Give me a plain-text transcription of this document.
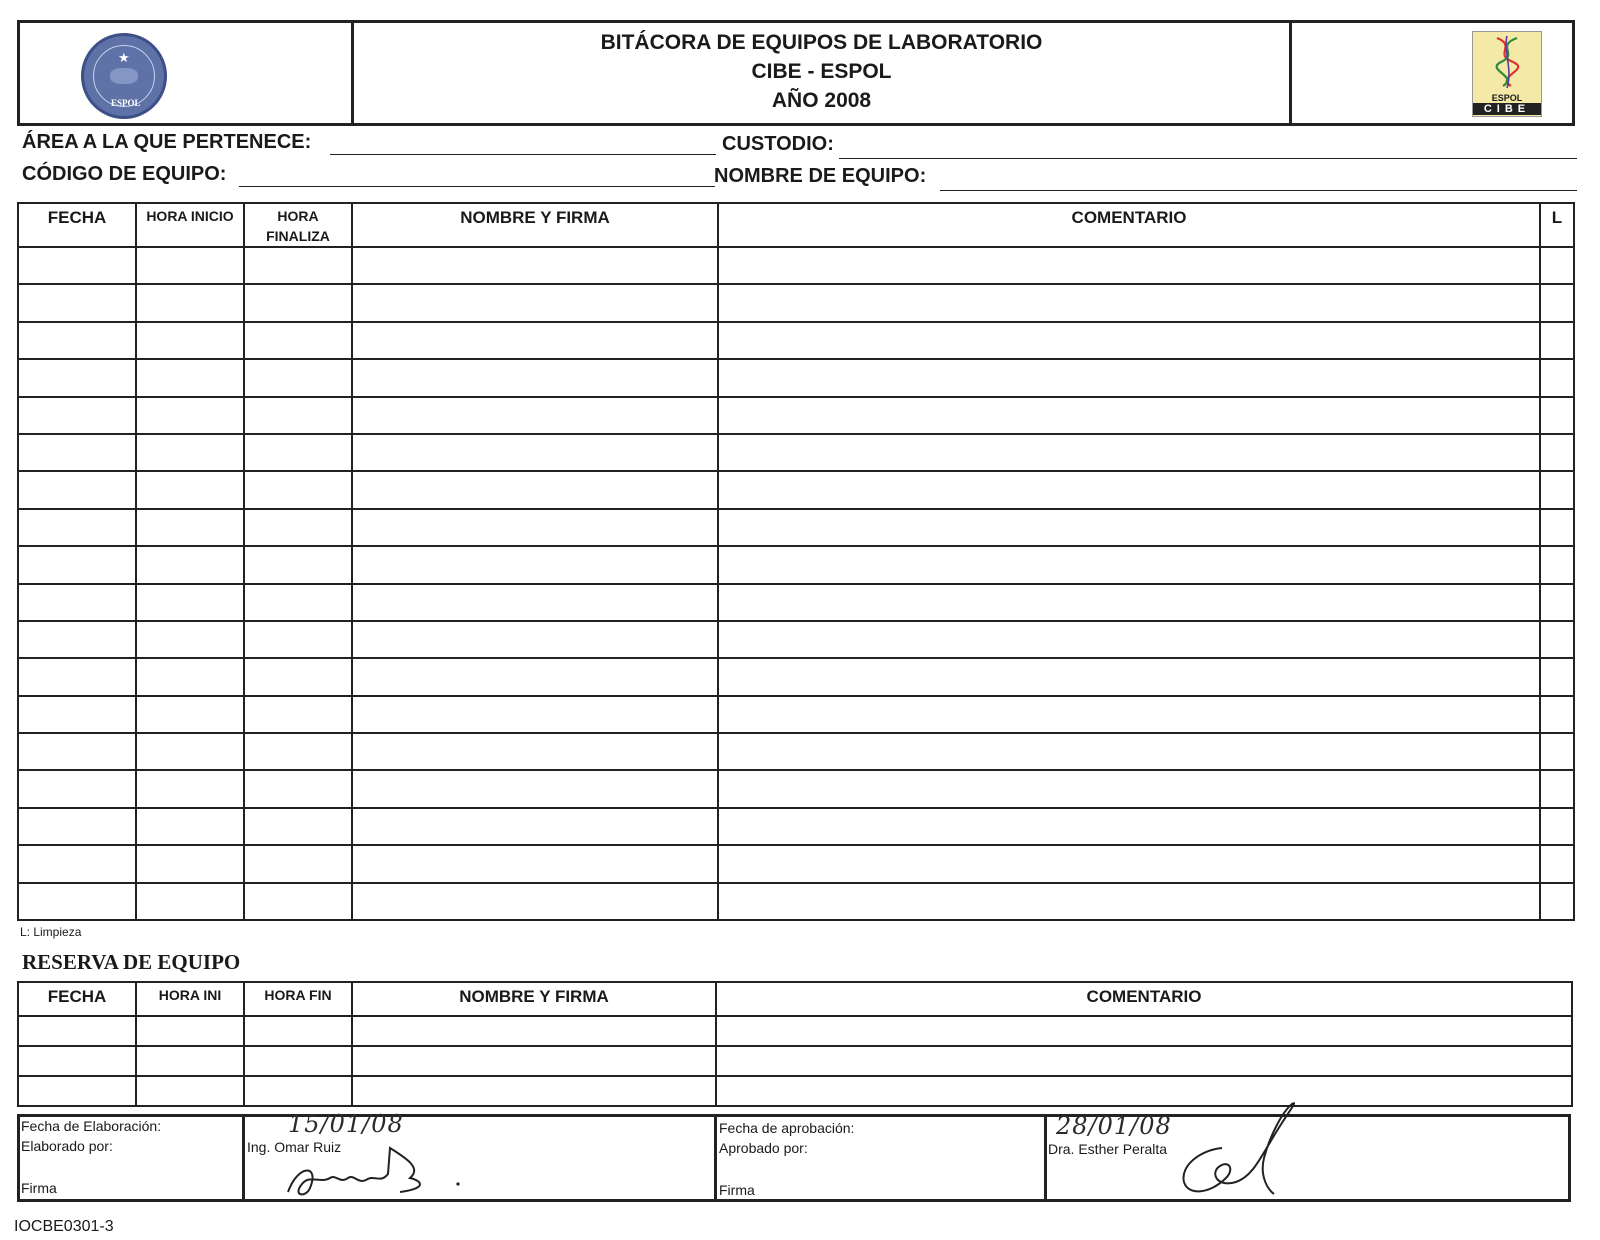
★
ESPOL
BITÁCORA DE EQUIPOS DE LABORATORIO
CIBE - ESPOL
AÑO 2008	ESPOL
CIBE
ÁREA A LA QUE PERTENECE:	CUSTODIO:
CÓDIGO DE EQUIPO:	NOMBRE DE EQUIPO:
FECHA	HORA INICIO	HORA FINALIZA	NOMBRE Y FIRMA	COMENTARIO	L

L: Limpieza
RESERVA DE EQUIPO
FECHA	HORA INI	HORA FIN	NOMBRE Y FIRMA	COMENTARIO

Fecha de Elaboración:
Elaborado por:
Firma
15/01/08
Ing. Omar Ruiz
Fecha de aprobación:
Aprobado por:
Firma
28/01/08
Dra. Esther Peralta
IOCBE0301-3
